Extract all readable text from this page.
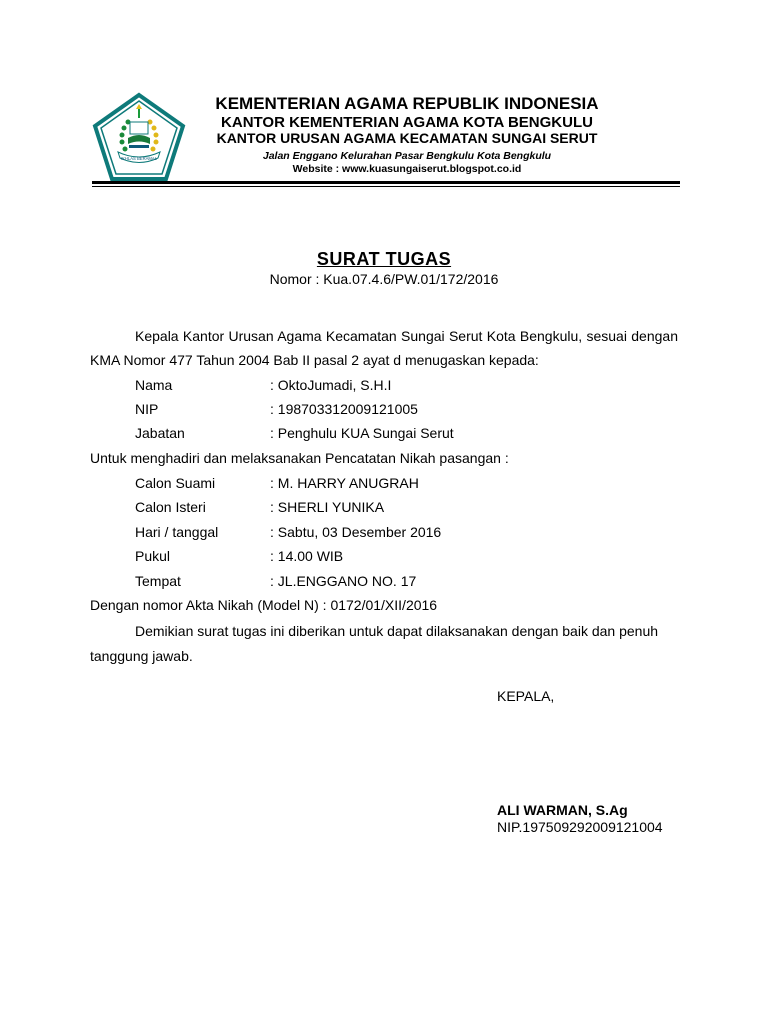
IKHLAS BERAMAL
KEMENTERIAN AGAMA REPUBLIK INDONESIA
KANTOR KEMENTERIAN AGAMA KOTA BENGKULU
KANTOR URUSAN AGAMA KECAMATAN SUNGAI SERUT
Jalan Enggano Kelurahan Pasar Bengkulu Kota Bengkulu
Website : www.kuasungaiserut.blogspot.co.id
SURAT TUGAS
Nomor : Kua.07.4.6/PW.01/172/2016
Kepala Kantor Urusan Agama Kecamatan Sungai Serut Kota Bengkulu, sesuai dengan
KMA Nomor 477 Tahun 2004 Bab II pasal 2 ayat d menugaskan kepada:
Nama	: OktoJumadi, S.H.I
NIP	: 198703312009121005
Jabatan	: Penghulu KUA Sungai Serut
Untuk menghadiri dan melaksanakan Pencatatan Nikah pasangan :
Calon Suami	: M. HARRY ANUGRAH
Calon Isteri	: SHERLI YUNIKA
Hari / tanggal	: Sabtu, 03 Desember 2016
Pukul	: 14.00 WIB
Tempat	: JL.ENGGANO NO. 17
Dengan nomor Akta Nikah (Model N) : 0172/01/XII/2016
Demikian surat tugas ini diberikan untuk dapat dilaksanakan dengan baik dan penuh
tanggung jawab.
KEPALA,
ALI WARMAN, S.Ag
NIP.197509292009121004
